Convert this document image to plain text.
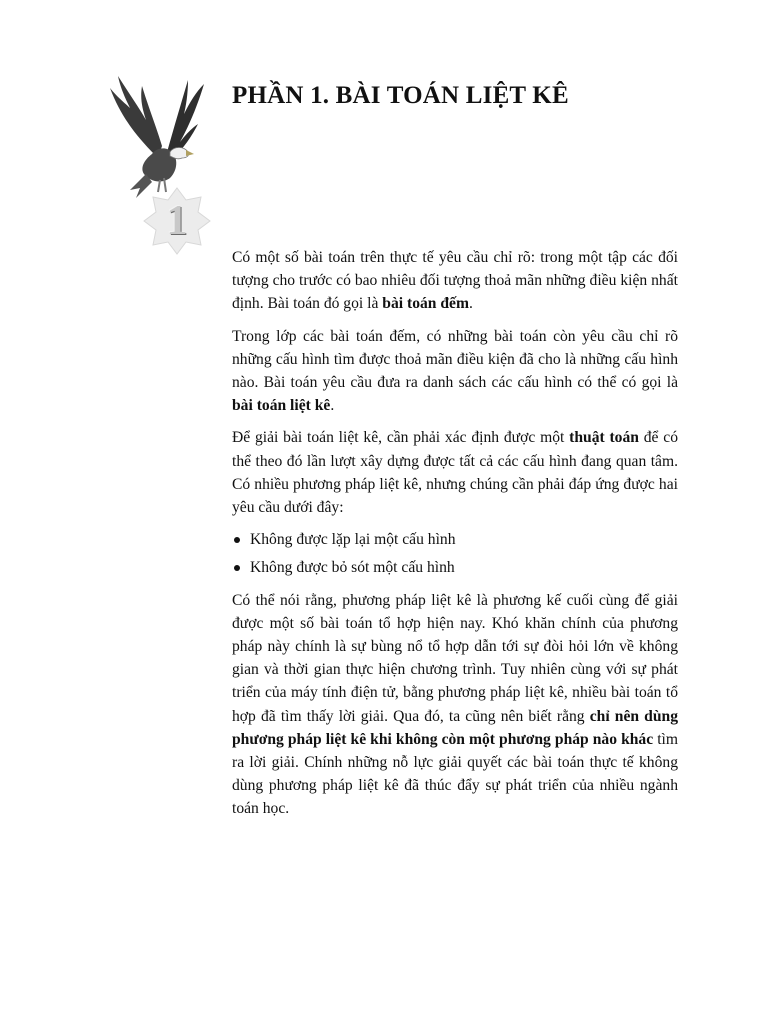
1
PHẦN 1. BÀI TOÁN LIỆT KÊ

Có một số bài toán trên thực tế yêu cầu chỉ rõ: trong một tập các đối tượng cho trước có bao nhiêu đối tượng thoả mãn những điều kiện nhất định. Bài toán đó gọi là bài toán đếm.

Trong lớp các bài toán đếm, có những bài toán còn yêu cầu chỉ rõ những cấu hình tìm được thoả mãn điều kiện đã cho là những cấu hình nào. Bài toán yêu cầu đưa ra danh sách các cấu hình có thể có gọi là bài toán liệt kê.

Để giải bài toán liệt kê, cần phải xác định được một thuật toán để có thể theo đó lần lượt xây dựng được tất cả các cấu hình đang quan tâm. Có nhiều phương pháp liệt kê, nhưng chúng cần phải đáp ứng được hai yêu cầu dưới đây:

Không được lặp lại một cấu hình
Không được bỏ sót một cấu hình

Có thể nói rằng, phương pháp liệt kê là phương kế cuối cùng để giải được một số bài toán tổ hợp hiện nay. Khó khăn chính của phương pháp này chính là sự bùng nổ tổ hợp dẫn tới sự đòi hỏi lớn về không gian và thời gian thực hiện chương trình. Tuy nhiên cùng với sự phát triển của máy tính điện tử, bằng phương pháp liệt kê, nhiều bài toán tổ hợp đã tìm thấy lời giải. Qua đó, ta cũng nên biết rằng chỉ nên dùng phương pháp liệt kê khi không còn một phương pháp nào khác tìm ra lời giải. Chính những nỗ lực giải quyết các bài toán thực tế không dùng phương pháp liệt kê đã thúc đẩy sự phát triển của nhiều ngành toán học.
